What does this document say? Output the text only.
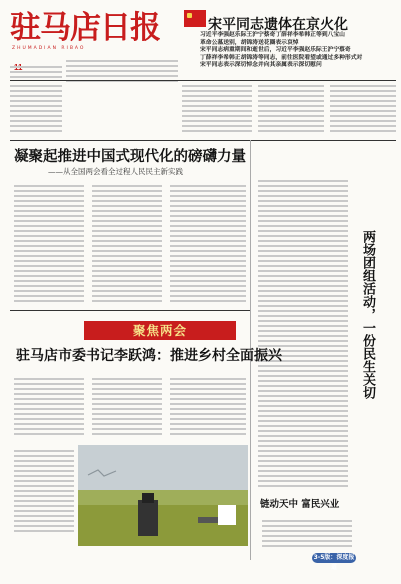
驻马店日报
ZHUMADIAN RIBAO
宋平同志遗体在京火化
习近平李强赵乐际王沪宁蔡奇丁薛祥李希韩正等到八宝山
革命公墓送别，胡锦涛送花圈表示哀悼
宋平同志病重期间和逝世后，习近平李强赵乐际王沪宁蔡奇
丁薛祥李希韩正胡锦涛等同志，前往医院看望或通过多种形式对
宋平同志表示深切悼念并向其亲属表示深切慰问
凝聚起推进中国式现代化的磅礴力量
——从全国两会看全过程人民民主新实践
两场团组活动，一份民生关切
聚焦两会
驻马店市委书记李跃鸿：推进乡村全面振兴
链动天中 富民兴业
3-5版：深度报道
